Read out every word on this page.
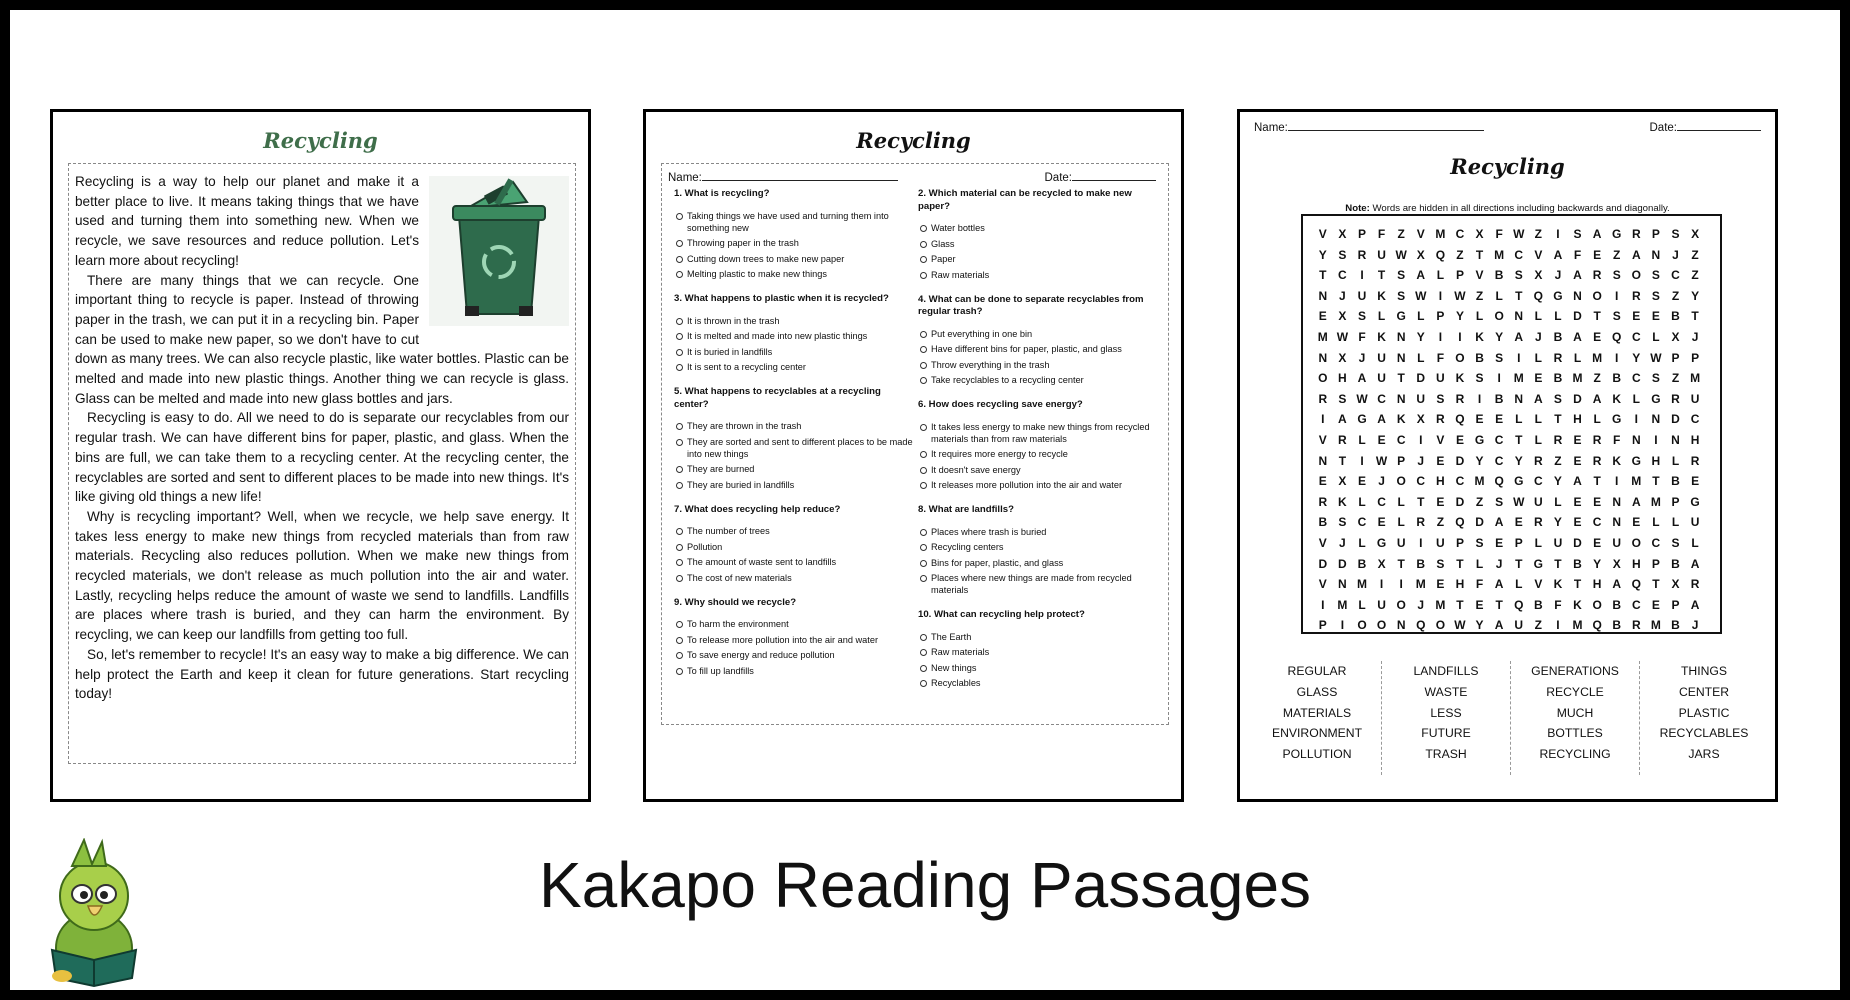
Recycling

Recycling is a way to help our planet and make it a better place to live. It means taking things that we have used and turning them into something new. When we recycle, we save resources and reduce pollution. Let's learn more about recycling!

There are many things that we can recycle. One important thing to recycle is paper. Instead of throwing paper in the trash, we can put it in a recycling bin. Paper can be used to make new paper, so we don't have to cut down as many trees. We can also recycle plastic, like water bottles. Plastic can be melted and made into new plastic things. Another thing we can recycle is glass. Glass can be melted and made into new glass bottles and jars.

Recycling is easy to do. All we need to do is separate our recyclables from our regular trash. We can have different bins for paper, plastic, and glass. When the bins are full, we can take them to a recycling center. At the recycling center, the recyclables are sorted and sent to different places to be made into new things. It's like giving old things a new life!

Why is recycling important? Well, when we recycle, we help save energy. It takes less energy to make new things from recycled materials than from raw materials. Recycling also reduces pollution. When we make new things from recycled materials, we don't release as much pollution into the air and water. Lastly, recycling helps reduce the amount of waste we send to landfills. Landfills are places where trash is buried, and they can harm the environment. By recycling, we can keep our landfills from getting too full.

So, let's remember to recycle! It's an easy way to make a big difference. We can help protect the Earth and keep it clean for future generations. Start recycling today!

Recycling
Name:	Date:
1. What is recycling?
Taking things we have used and turning them into something new
Throwing paper in the trash
Cutting down trees to make new paper
Melting plastic to make new things
3. What happens to plastic when it is recycled?
It is thrown in the trash
It is melted and made into new plastic things
It is buried in landfills
It is sent to a recycling center
5. What happens to recyclables at a recycling center?
They are thrown in the trash
They are sorted and sent to different places to be made into new things
They are burned
They are buried in landfills
7. What does recycling help reduce?
The number of trees
Pollution
The amount of waste sent to landfills
The cost of new materials
9. Why should we recycle?
To harm the environment
To release more pollution into the air and water
To save energy and reduce pollution
To fill up landfills
2. Which material can be recycled to make new paper?
Water bottles
Glass
Paper
Raw materials
4. What can be done to separate recyclables from regular trash?
Put everything in one bin
Have different bins for paper, plastic, and glass
Throw everything in the trash
Take recyclables to a recycling center
6. How does recycling save energy?
It takes less energy to make new things from recycled materials than from raw materials
It requires more energy to recycle
It doesn't save energy
It releases more pollution into the air and water
8. What are landfills?
Places where trash is buried
Recycling centers
Bins for paper, plastic, and glass
Places where new things are made from recycled materials
10. What can recycling help protect?
The Earth
Raw materials
New things
Recyclables
Name:	Date:
Recycling
Note: Words are hidden in all directions including backwards and diagonally.
V X P F	Z V M C X F W Z	I	S A G R P S X
Y S R U W X Q Z	T M C V A F E Z A N J	Z
T C	I	T S A L P V B S X	J A R S O S C Z
N J U K S W	I	W Z	L	T Q G N O	I	R S Z Y
E X S L G L P Y L O N L	L D T S E E B T
M W F K N Y	I	I	K Y A J B A E Q C L X	J
N X	J U N L	F O B S	I	L R L M	I	Y W P P
O H A U T D U K S	I	M E B M Z B C S Z M
R S W C N U S R	I	B N A S D A K L G R U
I	A G A K X R Q E E L	L	T H L G	I	N D C
V R L E C	I	V E G C T	L R E R F N	I	N H
N T	I	W P	J	E D Y C Y R Z E R K G H L R
E X E	J O C H C M Q G C Y A T	I	M T B E
R K L C L	T E D Z S W U L E E N A M P G
B S C E L R Z Q D A E R Y E C N E L	L U
V	J	L G U	I	U P S E P L U D E U O C S L
D D B X T B S T	L	J	T G T B Y X H P B A
V N M	I	I	M E H F A L V K T H A Q T X R
I	M L U O J M T E T Q B F K O B C E P A
P	I	O O N Q O W Y A U Z	I	M Q B R M B J
REGULAR
GLASS
MATERIALS
ENVIRONMENT
POLLUTION
LANDFILLS
WASTE
LESS
FUTURE
TRASH
GENERATIONS
RECYCLE
MUCH
BOTTLES
RECYCLING
THINGS
CENTER
PLASTIC
RECYCLABLES
JARS
Kakapo Reading Passages
